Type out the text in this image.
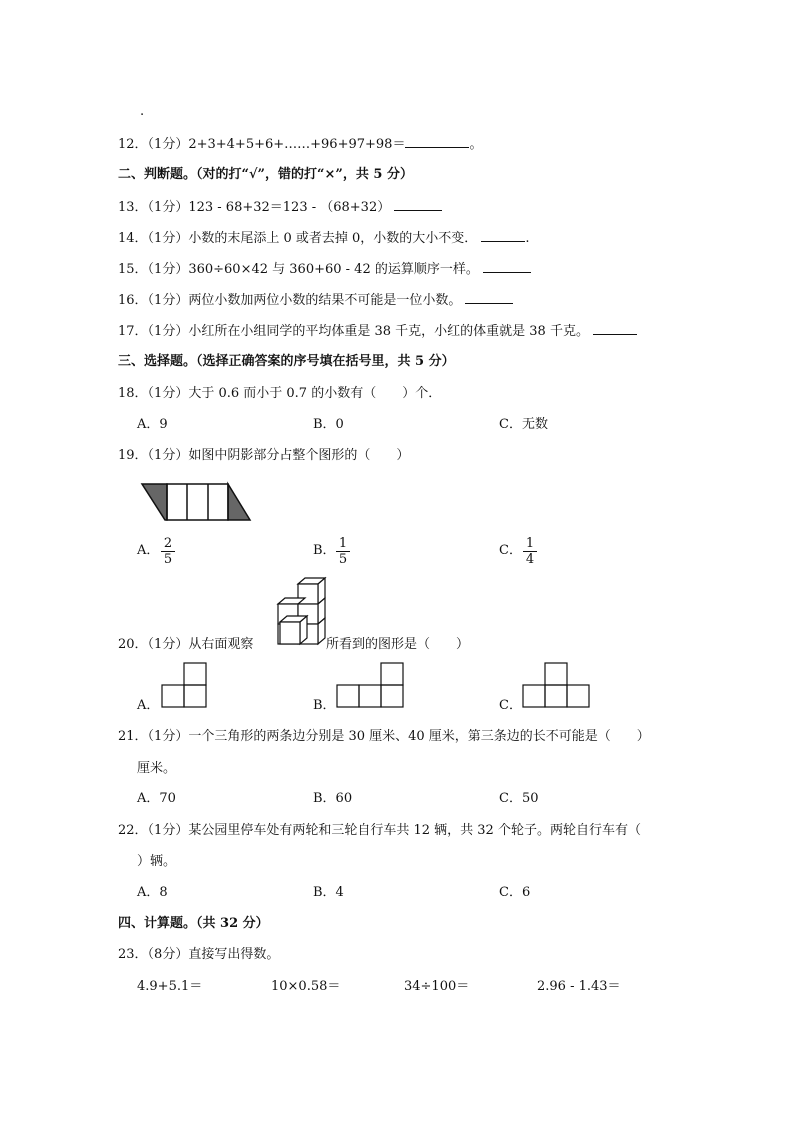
.
12．（1分）2+3+4+5+6+……+96+97+98＝	。
二、判断题。（对的打“√”，错的打“×”，共 5 分）
13．（1分）123 - 68+32＝123 - （68+32）
14．（1分）小数的末尾添上 0 或者去掉 0，小数的大小不变．	.
15．（1分）360÷60×42 与 360+60 - 42 的运算顺序一样。
16．（1分）两位小数加两位小数的结果不可能是一位小数。
17．（1分）小红所在小组同学的平均体重是 38 千克，小红的体重就是 38 千克。
三、选择题。（选择正确答案的序号填在括号里，共 5 分）
18．（1分）大于 0.6 而小于 0.7 的小数有（　　）个．
A．9	B．0	C．无数
19．（1分）如图中阴影部分占整个图形的（　　）
A． $\frac{2}{5}$	B． $\frac{1}{5}$	C． $\frac{1}{4}$
20．（1分）从右面观察	所看到的图形是（　　）
A．	B．	C．
21．（1分）一个三角形的两条边分别是 30 厘米、40 厘米，第三条边的长不可能是（　　）
厘米。
A．70	B．60	C．50
22．（1分）某公园里停车处有两轮和三轮自行车共 12 辆，共 32 个轮子。两轮自行车有（
）辆。
A．8	B．4	C．6
四、计算题。（共 32 分）
23．（8分）直接写出得数。
4.9+5.1＝	10×0.58＝	34÷100＝	2.96 - 1.43＝
